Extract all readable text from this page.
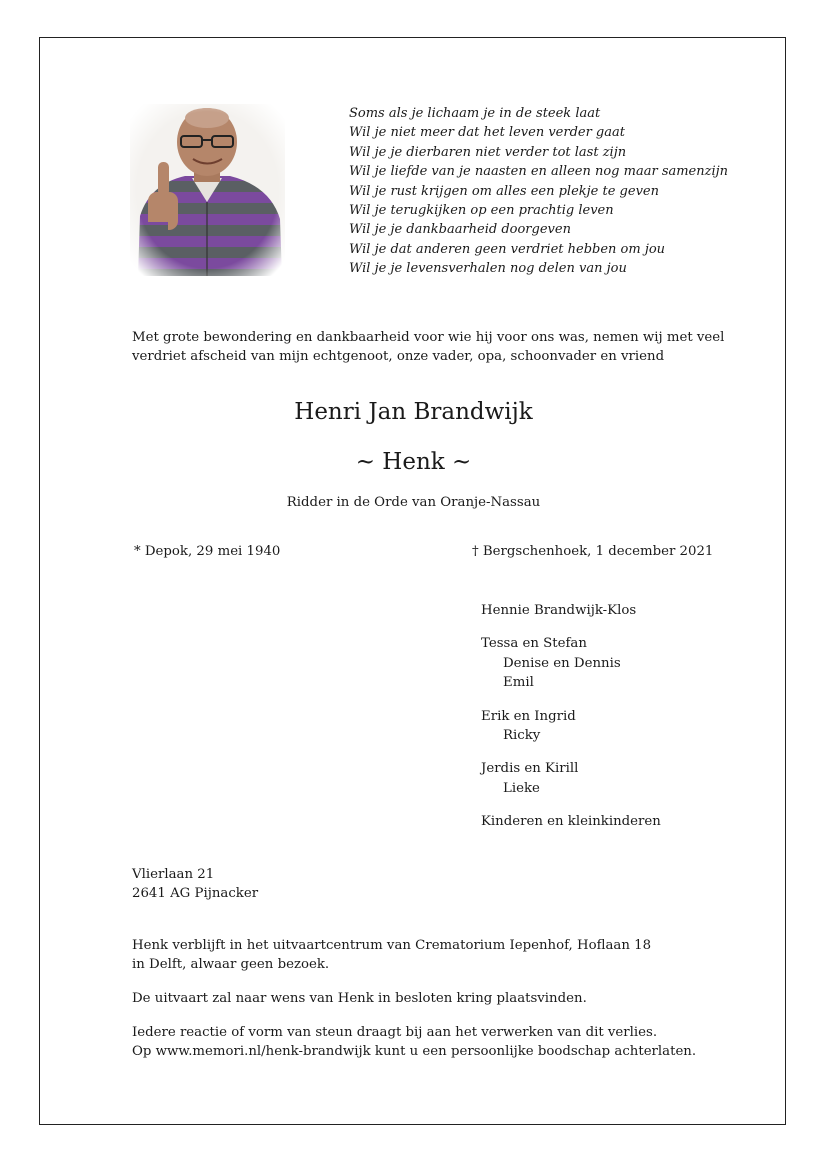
Soms als je lichaam je in de steek laat
Wil je niet meer dat het leven verder gaat
Wil je je dierbaren niet verder tot last zijn
Wil je liefde van je naasten en alleen nog maar samenzijn
Wil je rust krijgen om alles een plekje te geven
Wil je terugkijken op een prachtig leven
Wil je je dankbaarheid doorgeven
Wil je dat anderen geen verdriet hebben om jou
Wil je je levensverhalen nog delen van jou

Met grote bewondering en dankbaarheid voor wie hij voor ons was, nemen wij met veel

verdriet afscheid van mijn echtgenoot, onze vader, opa, schoonvader en vriend

Henri Jan Brandwijk

~ Henk ~

Ridder in de Orde van Oranje-Nassau

* Depok, 29 mei 1940	† Bergschenhoek, 1 december 2021

Hennie Brandwijk-Klos
Tessa en Stefan
Denise en Dennis
Emil
Erik en Ingrid
Ricky
Jerdis en Kirill
Lieke
Kinderen en kleinkinderen

Vlierlaan 21

2641 AG Pijnacker

Henk verblijft in het uitvaartcentrum van Crematorium Iepenhof, Hoflaan 18

in Delft, alwaar geen bezoek.

De uitvaart zal naar wens van Henk in besloten kring plaatsvinden.

Iedere reactie of vorm van steun draagt bij aan het verwerken van dit verlies.

Op www.memori.nl/henk-brandwijk kunt u een persoonlijke boodschap achterlaten.
